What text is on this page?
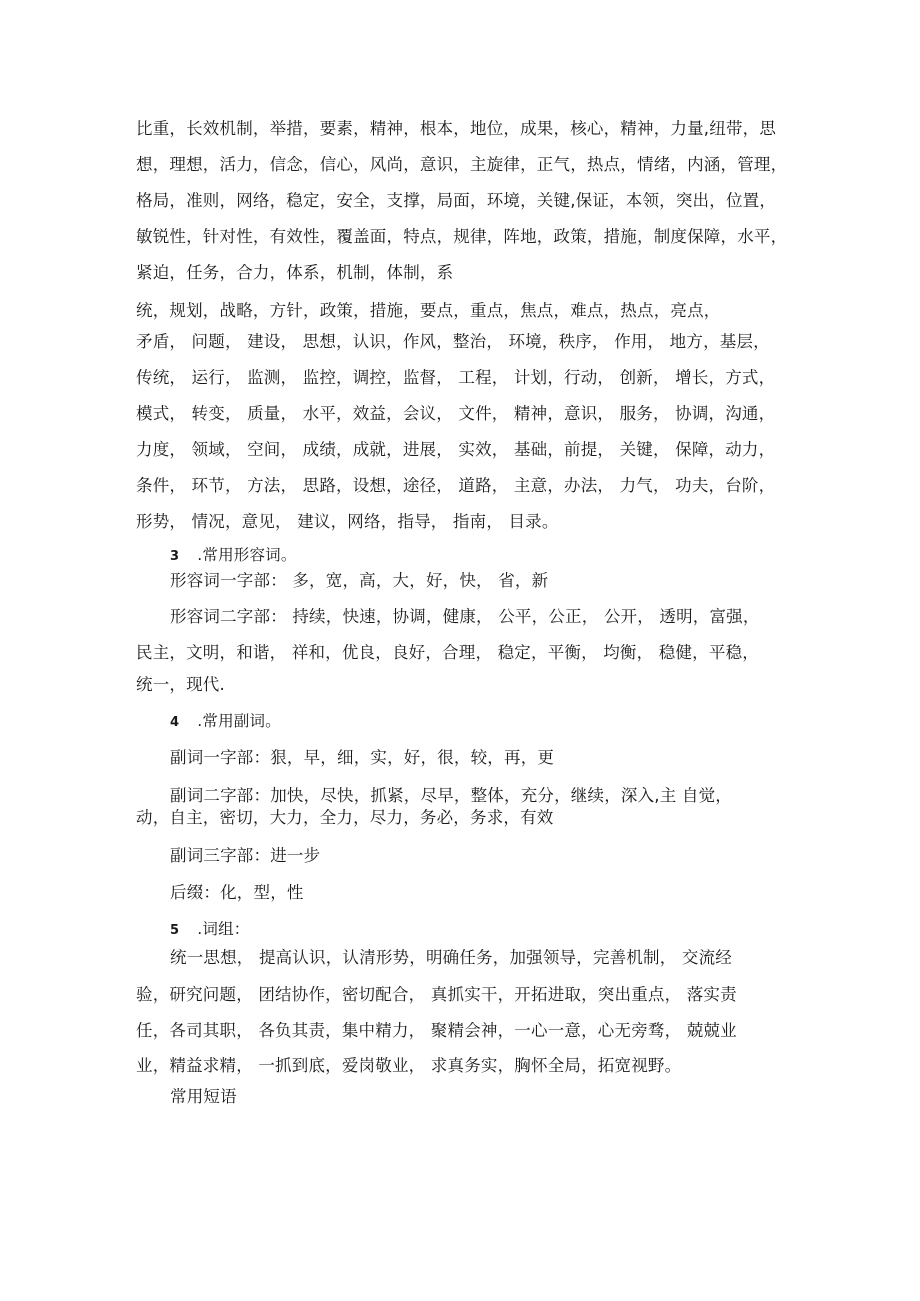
比重，长效机制，举措，要素，精神，根本，地位，成果，核心，精神，力量,纽带，思
想，理想，活力，信念，信心，风尚，意识，主旋律，正气，热点，情绪，内涵，管理，
格局，准则，网络，稳定，安全，支撑，局面，环境，关键,保证，本领，突出，位置，
敏锐性，针对性，有效性，覆盖面，特点，规律，阵地，政策，措施，制度保障，水平，
紧迫，任务，合力，体系，机制，体制，系
统，规划，战略，方针，政策，措施，要点，重点，焦点，难点，热点，亮点，
矛盾， 问题， 建设， 思想，认识，作风，整治， 环境，秩序， 作用， 地方，基层，
传统， 运行， 监测， 监控，调控，监督， 工程， 计划，行动， 创新， 增长，方式，
模式， 转变， 质量， 水平，效益，会议， 文件， 精神，意识， 服务， 协调，沟通，
力度， 领域， 空间， 成绩，成就，进展， 实效， 基础，前提， 关键， 保障，动力，
条件， 环节， 方法， 思路，设想，途径， 道路， 主意，办法， 力气， 功夫，台阶，
形势， 情况，意见， 建议，网络，指导， 指南， 目录。
3 .常用形容词。
形容词一字部： 多，宽，高，大，好，快， 省，新
形容词二字部： 持续，快速，协调，健康， 公平，公正， 公开， 透明，富强，
民主，文明，和谐， 祥和，优良，良好，合理， 稳定，平衡， 均衡， 稳健，平稳，
统一，现代.
4 .常用副词。
副词一字部：狠，早，细，实，好，很，较，再，更
副词二字部：加快，尽快，抓紧，尽早，整体，充分，继续，深入,主 自觉，
动，自主，密切，大力，全力，尽力，务必，务求，有效
副词三字部：进一步
后缀：化，型，性
5 .词组：
统一思想， 提高认识，认清形势，明确任务，加强领导，完善机制， 交流经
验，研究问题， 团结协作，密切配合， 真抓实干，开拓进取，突出重点， 落实责
任，各司其职， 各负其责，集中精力， 聚精会神，一心一意，心无旁骛， 兢兢业
业，精益求精， 一抓到底，爱岗敬业， 求真务实，胸怀全局，拓宽视野。
常用短语
